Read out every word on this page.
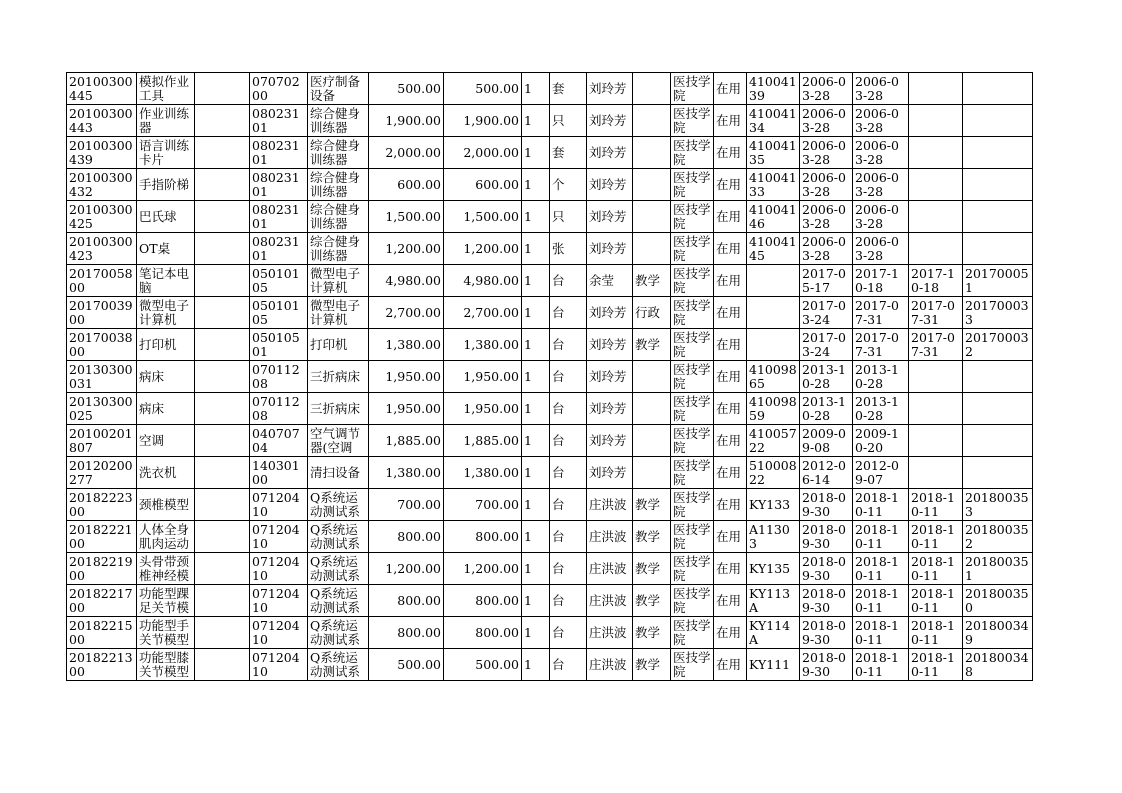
20100300445	模拟作业工具		07070200	医疗制备设备	500.00	500.00	1	套	刘玲芳		医技学院	在用	41004139	2006-03-28	2006-03-28		
20100300443	作业训练器		08023101	综合健身训练器	1,900.00	1,900.00	1	只	刘玲芳		医技学院	在用	41004134	2006-03-28	2006-03-28		
20100300439	语言训练卡片		08023101	综合健身训练器	2,000.00	2,000.00	1	套	刘玲芳		医技学院	在用	41004135	2006-03-28	2006-03-28		
20100300432	手指阶梯		08023101	综合健身训练器	600.00	600.00	1	个	刘玲芳		医技学院	在用	41004133	2006-03-28	2006-03-28		
20100300425	巴氏球		08023101	综合健身训练器	1,500.00	1,500.00	1	只	刘玲芳		医技学院	在用	41004146	2006-03-28	2006-03-28		
20100300423	OT桌		08023101	综合健身训练器	1,200.00	1,200.00	1	张	刘玲芳		医技学院	在用	41004145	2006-03-28	2006-03-28		
2017005800	笔记本电脑		05010105	微型电子计算机	4,980.00	4,980.00	1	台	余莹	教学	医技学院	在用		2017-05-17	2017-10-18	2017-10-18	201700051
2017003900	微型电子计算机		05010105	微型电子计算机	2,700.00	2,700.00	1	台	刘玲芳	行政	医技学院	在用		2017-03-24	2017-07-31	2017-07-31	201700033
2017003800	打印机		05010501	打印机	1,380.00	1,380.00	1	台	刘玲芳	教学	医技学院	在用		2017-03-24	2017-07-31	2017-07-31	201700032
20130300031	病床		07011208	三折病床	1,950.00	1,950.00	1	台	刘玲芳		医技学院	在用	41009865	2013-10-28	2013-10-28		
20130300025	病床		07011208	三折病床	1,950.00	1,950.00	1	台	刘玲芳		医技学院	在用	41009859	2013-10-28	2013-10-28		
20100201807	空调		04070704	空气调节器(空调	1,885.00	1,885.00	1	台	刘玲芳		医技学院	在用	41005722	2009-09-08	2009-10-20		
20120200277	洗衣机		14030100	清扫设备	1,380.00	1,380.00	1	台	刘玲芳		医技学院	在用	51000822	2012-06-14	2012-09-07		
2018222300	颈椎模型		07120410	Q系统运动测试系	700.00	700.00	1	台	庄洪波	教学	医技学院	在用	KY133	2018-09-30	2018-10-11	2018-10-11	201800353
2018222100	人体全身肌肉运动		07120410	Q系统运动测试系	800.00	800.00	1	台	庄洪波	教学	医技学院	在用	A11303	2018-09-30	2018-10-11	2018-10-11	201800352
2018221900	头骨带颈椎神经模		07120410	Q系统运动测试系	1,200.00	1,200.00	1	台	庄洪波	教学	医技学院	在用	KY135	2018-09-30	2018-10-11	2018-10-11	201800351
2018221700	功能型踝足关节模		07120410	Q系统运动测试系	800.00	800.00	1	台	庄洪波	教学	医技学院	在用	KY113A	2018-09-30	2018-10-11	2018-10-11	201800350
2018221500	功能型手关节模型		07120410	Q系统运动测试系	800.00	800.00	1	台	庄洪波	教学	医技学院	在用	KY114A	2018-09-30	2018-10-11	2018-10-11	201800349
2018221300	功能型膝关节模型		07120410	Q系统运动测试系	500.00	500.00	1	台	庄洪波	教学	医技学院	在用	KY111	2018-09-30	2018-10-11	2018-10-11	201800348
